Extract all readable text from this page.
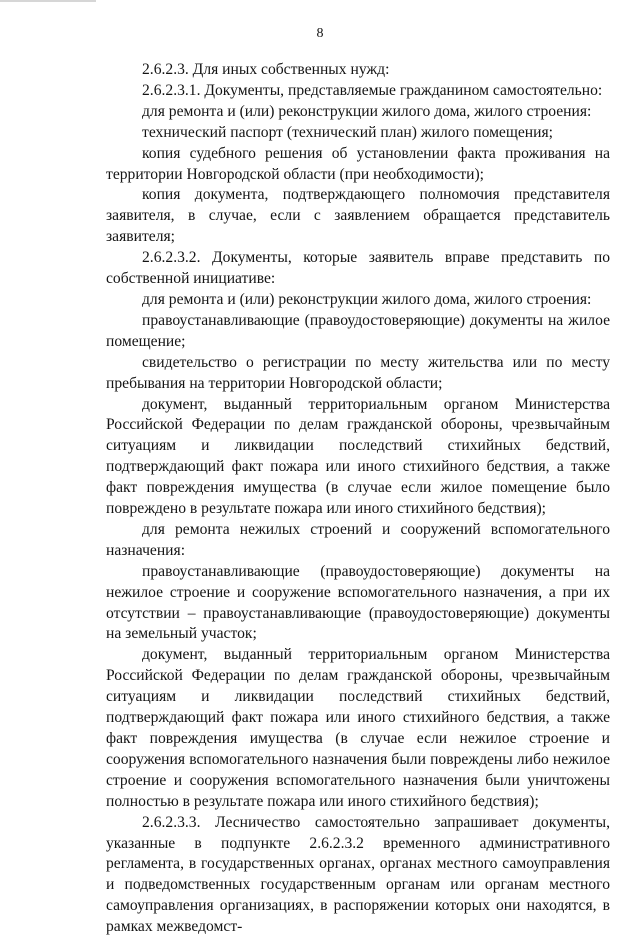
8

2.6.2.3. Для иных собственных нужд:

2.6.2.3.1. Документы, представляемые гражданином самостоятельно:

для ремонта и (или) реконструкции жилого дома, жилого строения:

технический паспорт (технический план) жилого помещения;

копия судебного решения об установлении факта проживания на территории Новгородской области (при необходимости);

копия документа, подтверждающего полномочия представителя заявителя, в случае, если с заявлением обращается представитель заявителя;

2.6.2.3.2. Документы, которые заявитель вправе представить по собственной инициативе:

для ремонта и (или) реконструкции жилого дома, жилого строения:

правоустанавливающие (правоудостоверяющие) документы на жилое помещение;

свидетельство о регистрации по месту жительства или по месту пребывания на территории Новгородской области;

документ, выданный территориальным органом Министерства Российской Федерации по делам гражданской обороны, чрезвычайным ситуациям и ликвидации последствий стихийных бедствий, подтверждающий факт пожара или иного стихийного бедствия, а также факт повреждения имущества (в случае если жилое помещение было повреждено в результате пожара или иного стихийного бедствия);

для ремонта нежилых строений и сооружений вспомогательного назначения:

правоустанавливающие (правоудостоверяющие) документы на нежилое строение и сооружение вспомогательного назначения, а при их отсутствии – правоустанавливающие (правоудостоверяющие) документы на земельный участок;

документ, выданный территориальным органом Министерства Российской Федерации по делам гражданской обороны, чрезвычайным ситуациям и ликвидации последствий стихийных бедствий, подтверждающий факт пожара или иного стихийного бедствия, а также факт повреждения имущества (в случае если нежилое строение и сооружения вспомогательного назначения были повреждены либо нежилое строение и сооружения вспомогательного назначения были уничтожены полностью в результате пожара или иного стихийного бедствия);

2.6.2.3.3. Лесничество самостоятельно запрашивает документы, указанные в подпункте 2.6.2.3.2 временного административного регламента, в государственных органах, органах местного самоуправления и подведомственных государственным органам или органам местного самоуправления организациях, в распоряжении которых они находятся, в рамках межведомст-
